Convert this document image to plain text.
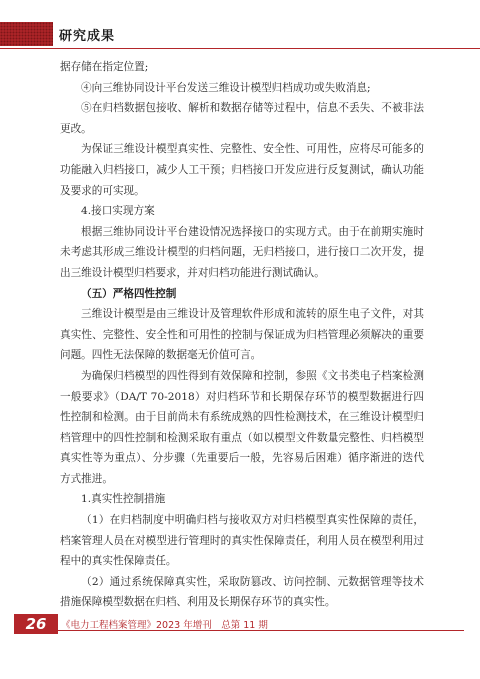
研究成果

据存储在指定位置;

④向三维协同设计平台发送三维设计模型归档成功或失败消息;

⑤在归档数据包接收、解析和数据存储等过程中，信息不丢失、不被非法更改。

为保证三维设计模型真实性、完整性、安全性、可用性，应将尽可能多的功能融入归档接口，减少人工干预；归档接口开发应进行反复测试，确认功能及要求的可实现。

4.接口实现方案

根据三维协同设计平台建设情况选择接口的实现方式。由于在前期实施时未考虑其形成三维设计模型的归档问题，无归档接口，进行接口二次开发，提出三维设计模型归档要求，并对归档功能进行测试确认。

（五）严格四性控制

三维设计模型是由三维设计及管理软件形成和流转的原生电子文件，对其真实性、完整性、安全性和可用性的控制与保证成为归档管理必须解决的重要问题。四性无法保障的数据毫无价值可言。

为确保归档模型的四性得到有效保障和控制，参照《文书类电子档案检测一般要求》（DA/T 70-2018）对归档环节和长期保存环节的模型数据进行四性控制和检测。由于目前尚未有系统成熟的四性检测技术，在三维设计模型归档管理中的四性控制和检测采取有重点（如以模型文件数量完整性、归档模型真实性等为重点）、分步骤（先重要后一般，先容易后困难）循序渐进的迭代方式推进。

1.真实性控制措施

（1）在归档制度中明确归档与接收双方对归档模型真实性保障的责任，档案管理人员在对模型进行管理时的真实性保障责任，利用人员在模型利用过程中的真实性保障责任。

（2）通过系统保障真实性，采取防篡改、访问控制、元数据管理等技术措施保障模型数据在归档、利用及长期保存环节的真实性。

26	《电力工程档案管理》2023 年增刊　总第 11 期
